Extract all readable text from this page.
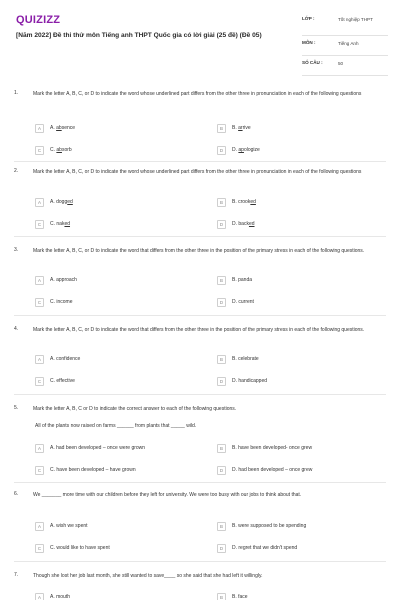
QUIZIZZ
[Năm 2022] Đề thi thử môn Tiếng anh THPT Quốc gia có lời giải (25 đề) (Đề 05)
LỚP :	Tốt nghiệp THPT
MÔN :	Tiếng Anh
SỐ CÂU :	50
1.	Mark the letter A, B, C, or D to indicate the word whose underlined part differs from the other three in pronunciation in each of the following questions
A	A. absence	B	B. arrive
C	C. absorb	D	D. apologize
2.	Mark the letter A, B, C, or D to indicate the word whose underlined part differs from the other three in pronunciation in each of the following questions
A	A. dogged	B	B. crooked
C	C. naked	D	D. backed
3.	Mark the letter A, B, C, or D to indicate the word that differs from the other three in the position of the primary stress in each of the following questions.
A	A. approach	B	B. panda
C	C. income	D	D. current
4.	Mark the letter A, B, C, or D to indicate the word that differs from the other three in the position of the primary stress in each of the following questions.
A	A. confidence	B	B. celebrate
C	C. effective	D	D. handicapped
5.	Mark the letter A, B, C or D to indicate the correct answer to each of the following questions.
All of the plants now raised on farms ______ from plants that _____ wild.
A	A. had been developed – once were grown	B	B. have been developed- once grew
C	C. have been developed – have grown	D	D. had been developed – once grew
6.	We _______ more time with our children before they left for university. We were too busy with our jobs to think about that.
A	A. wish we spent	B	B. were supposed to be spending
C	C. would like to have spent	D	D. regret that we didn't spend
7.	Though she lost her job last month, she still wanted to save____ so she said that she had left it willingly.
A	A. mouth	B	B. face
